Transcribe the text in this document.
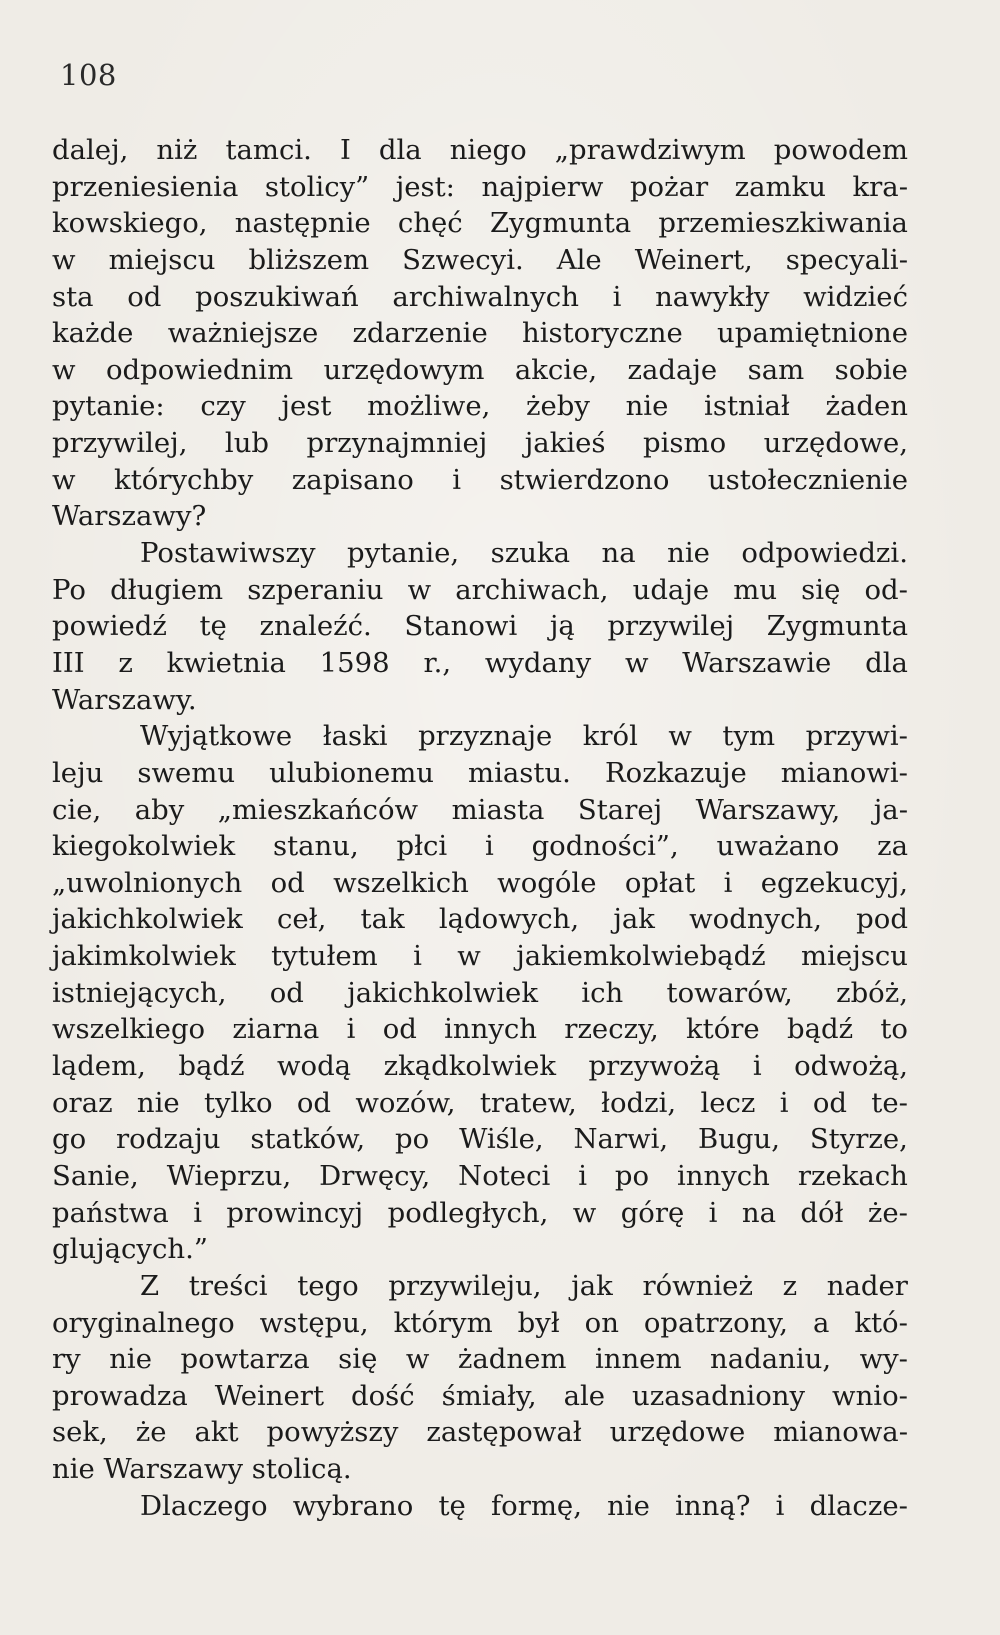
108
dalej, niż tamci. I dla niego „prawdziwym powodem
przeniesienia stolicy” jest: najpierw pożar zamku kra-
kowskiego, następnie chęć Zygmunta przemieszkiwania
w miejscu bliższem Szwecyi. Ale Weinert, specyali-
sta od poszukiwań archiwalnych i nawykły widzieć
każde ważniejsze zdarzenie historyczne upamiętnione
w odpowiednim urzędowym akcie, zadaje sam sobie
pytanie: czy jest możliwe, żeby nie istniał żaden
przywilej, lub przynajmniej jakieś pismo urzędowe,
w którychby zapisano i stwierdzono ustołecznienie
Warszawy?
Postawiwszy pytanie, szuka na nie odpowiedzi.
Po długiem szperaniu w archiwach, udaje mu się od-
powiedź tę znaleźć. Stanowi ją przywilej Zygmunta
III z kwietnia 1598 r., wydany w Warszawie dla
Warszawy.
Wyjątkowe łaski przyznaje król w tym przywi-
leju swemu ulubionemu miastu. Rozkazuje mianowi-
cie, aby „mieszkańców miasta Starej Warszawy, ja-
kiegokolwiek stanu, płci i godności”, uważano za
„uwolnionych od wszelkich wogóle opłat i egzekucyj,
jakichkolwiek ceł, tak lądowych, jak wodnych, pod
jakimkolwiek tytułem i w jakiemkolwiebądź miejscu
istniejących, od jakichkolwiek ich towarów, zbóż,
wszelkiego ziarna i od innych rzeczy, które bądź to
lądem, bądź wodą zkądkolwiek przywożą i odwożą,
oraz nie tylko od wozów, tratew, łodzi, lecz i od te-
go rodzaju statków, po Wiśle, Narwi, Bugu, Styrze,
Sanie, Wieprzu, Drwęcy, Noteci i po innych rzekach
państwa i prowincyj podległych, w górę i na dół że-
glujących.”
Z treści tego przywileju, jak również z nader
oryginalnego wstępu, którym był on opatrzony, a któ-
ry nie powtarza się w żadnem innem nadaniu, wy-
prowadza Weinert dość śmiały, ale uzasadniony wnio-
sek, że akt powyższy zastępował urzędowe mianowa-
nie Warszawy stolicą.
Dlaczego wybrano tę formę, nie inną? i dlacze-
